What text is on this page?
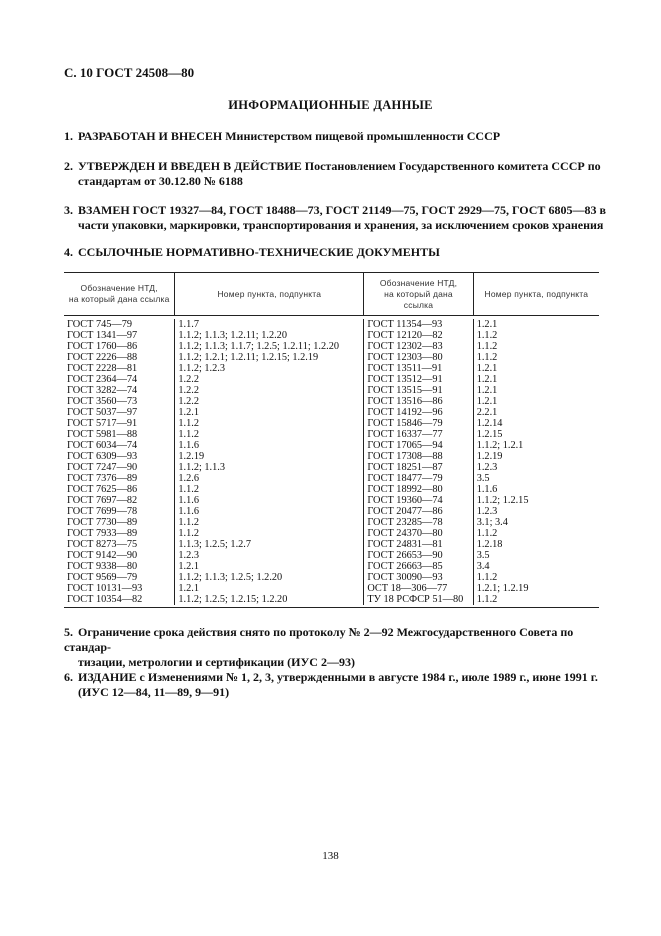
С. 10 ГОСТ 24508—80
ИНФОРМАЦИОННЫЕ ДАННЫЕ
1. РАЗРАБОТАН И ВНЕСЕН Министерством пищевой промышленности СССР
2. УТВЕРЖДЕН И ВВЕДЕН В ДЕЙСТВИЕ Постановлением Государственного комитета СССР по
стандартам от 30.12.80 № 6188
3. ВЗАМЕН ГОСТ 19327—84, ГОСТ 18488—73, ГОСТ 21149—75, ГОСТ 2929—75, ГОСТ 6805—83 в
части упаковки, маркировки, транспортирования и хранения, за исключением сроков хранения
4. ССЫЛОЧНЫЕ НОРМАТИВНО-ТЕХНИЧЕСКИЕ ДОКУМЕНТЫ
Обозначение НТД,
на который дана ссылка
Номер пункта, подпункта
Обозначение НТД,
на который дана
ссылка
Номер пункта, подпункта
ГОСТ 745—79
ГОСТ 1341—97
ГОСТ 1760—86
ГОСТ 2226—88
ГОСТ 2228—81
ГОСТ 2364—74
ГОСТ 3282—74
ГОСТ 3560—73
ГОСТ 5037—97
ГОСТ 5717—91
ГОСТ 5981—88
ГОСТ 6034—74
ГОСТ 6309—93
ГОСТ 7247—90
ГОСТ 7376—89
ГОСТ 7625—86
ГОСТ 7697—82
ГОСТ 7699—78
ГОСТ 7730—89
ГОСТ 7933—89
ГОСТ 8273—75
ГОСТ 9142—90
ГОСТ 9338—80
ГОСТ 9569—79
ГОСТ 10131—93
ГОСТ 10354—82
1.1.7
1.1.2; 1.1.3; 1.2.11; 1.2.20
1.1.2; 1.1.3; 1.1.7; 1.2.5; 1.2.11; 1.2.20
1.1.2; 1.2.1; 1.2.11; 1.2.15; 1.2.19
1.1.2; 1.2.3
1.2.2
1.2.2
1.2.2
1.2.1
1.1.2
1.1.2
1.1.6
1.2.19
1.1.2; 1.1.3
1.2.6
1.1.2
1.1.6
1.1.6
1.1.2
1.1.2
1.1.3; 1.2.5; 1.2.7
1.2.3
1.2.1
1.1.2; 1.1.3; 1.2.5; 1.2.20
1.2.1
1.1.2; 1.2.5; 1.2.15; 1.2.20
ГОСТ 11354—93
ГОСТ 12120—82
ГОСТ 12302—83
ГОСТ 12303—80
ГОСТ 13511—91
ГОСТ 13512—91
ГОСТ 13515—91
ГОСТ 13516—86
ГОСТ 14192—96
ГОСТ 15846—79
ГОСТ 16337—77
ГОСТ 17065—94
ГОСТ 17308—88
ГОСТ 18251—87
ГОСТ 18477—79
ГОСТ 18992—80
ГОСТ 19360—74
ГОСТ 20477—86
ГОСТ 23285—78
ГОСТ 24370—80
ГОСТ 24831—81
ГОСТ 26653—90
ГОСТ 26663—85
ГОСТ 30090—93
ОСТ 18—306—77
ТУ 18 РСФСР 51—80
1.2.1
1.1.2
1.1.2
1.1.2
1.2.1
1.2.1
1.2.1
1.2.1
2.2.1
1.2.14
1.2.15
1.1.2; 1.2.1
1.2.19
1.2.3
3.5
1.1.6
1.1.2; 1.2.15
1.2.3
3.1; 3.4
1.1.2
1.2.18
3.5
3.4
1.1.2
1.2.1; 1.2.19
1.1.2
5. Ограничение срока действия снято по протоколу № 2—92 Межгосударственного Совета по стандар-
тизации, метрологии и сертификации (ИУС 2—93)
6. ИЗДАНИЕ с Изменениями № 1, 2, 3, утвержденными в августе 1984 г., июле 1989 г., июне 1991 г.
(ИУС 12—84, 11—89, 9—91)
138
